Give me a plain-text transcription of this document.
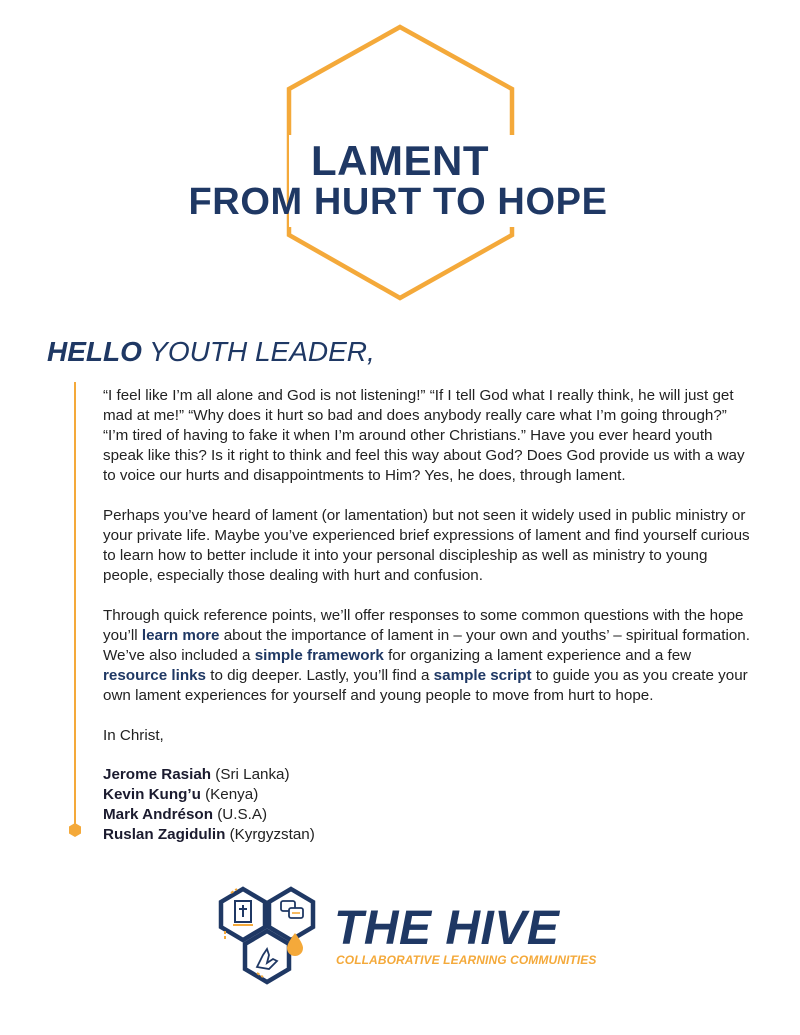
LAMENT
FROM HURT TO HOPE
HELLO YOUTH LEADER,

“I feel like I’m all alone and God is not listening!” “If I tell God what I really think, he will just get mad at me!” “Why does it hurt so bad and does anybody really care what I’m going through?” “I’m tired of having to fake it when I’m around other Christians.” Have you ever heard youth speak like this? Is it right to think and feel this way about God? Does God provide us with a way to voice our hurts and disappointments to Him? Yes, he does, through lament.

Perhaps you’ve heard of lament (or lamentation) but not seen it widely used in public ministry or your private life. Maybe you’ve experienced brief expressions of lament and find yourself curious to learn how to better include it into your personal discipleship as well as ministry to young people, especially those dealing with hurt and confusion.

Through quick reference points, we’ll offer responses to some common questions with the hope you’ll learn more about the importance of lament in – your own and youths’ – spiritual formation. We’ve also included a simple framework for organizing a lament experience and a few resource links to dig deeper. Lastly, you’ll find a sample script to guide you as you create your own lament experiences for yourself and young people to move from hurt to hope.

In Christ,
Jerome Rasiah (Sri Lanka)
Kevin Kung’u (Kenya)
Mark Andréson (U.S.A)
Ruslan Zagidulin (Kyrgyzstan)
THE HIVE
COLLABORATIVE LEARNING COMMUNITIES
